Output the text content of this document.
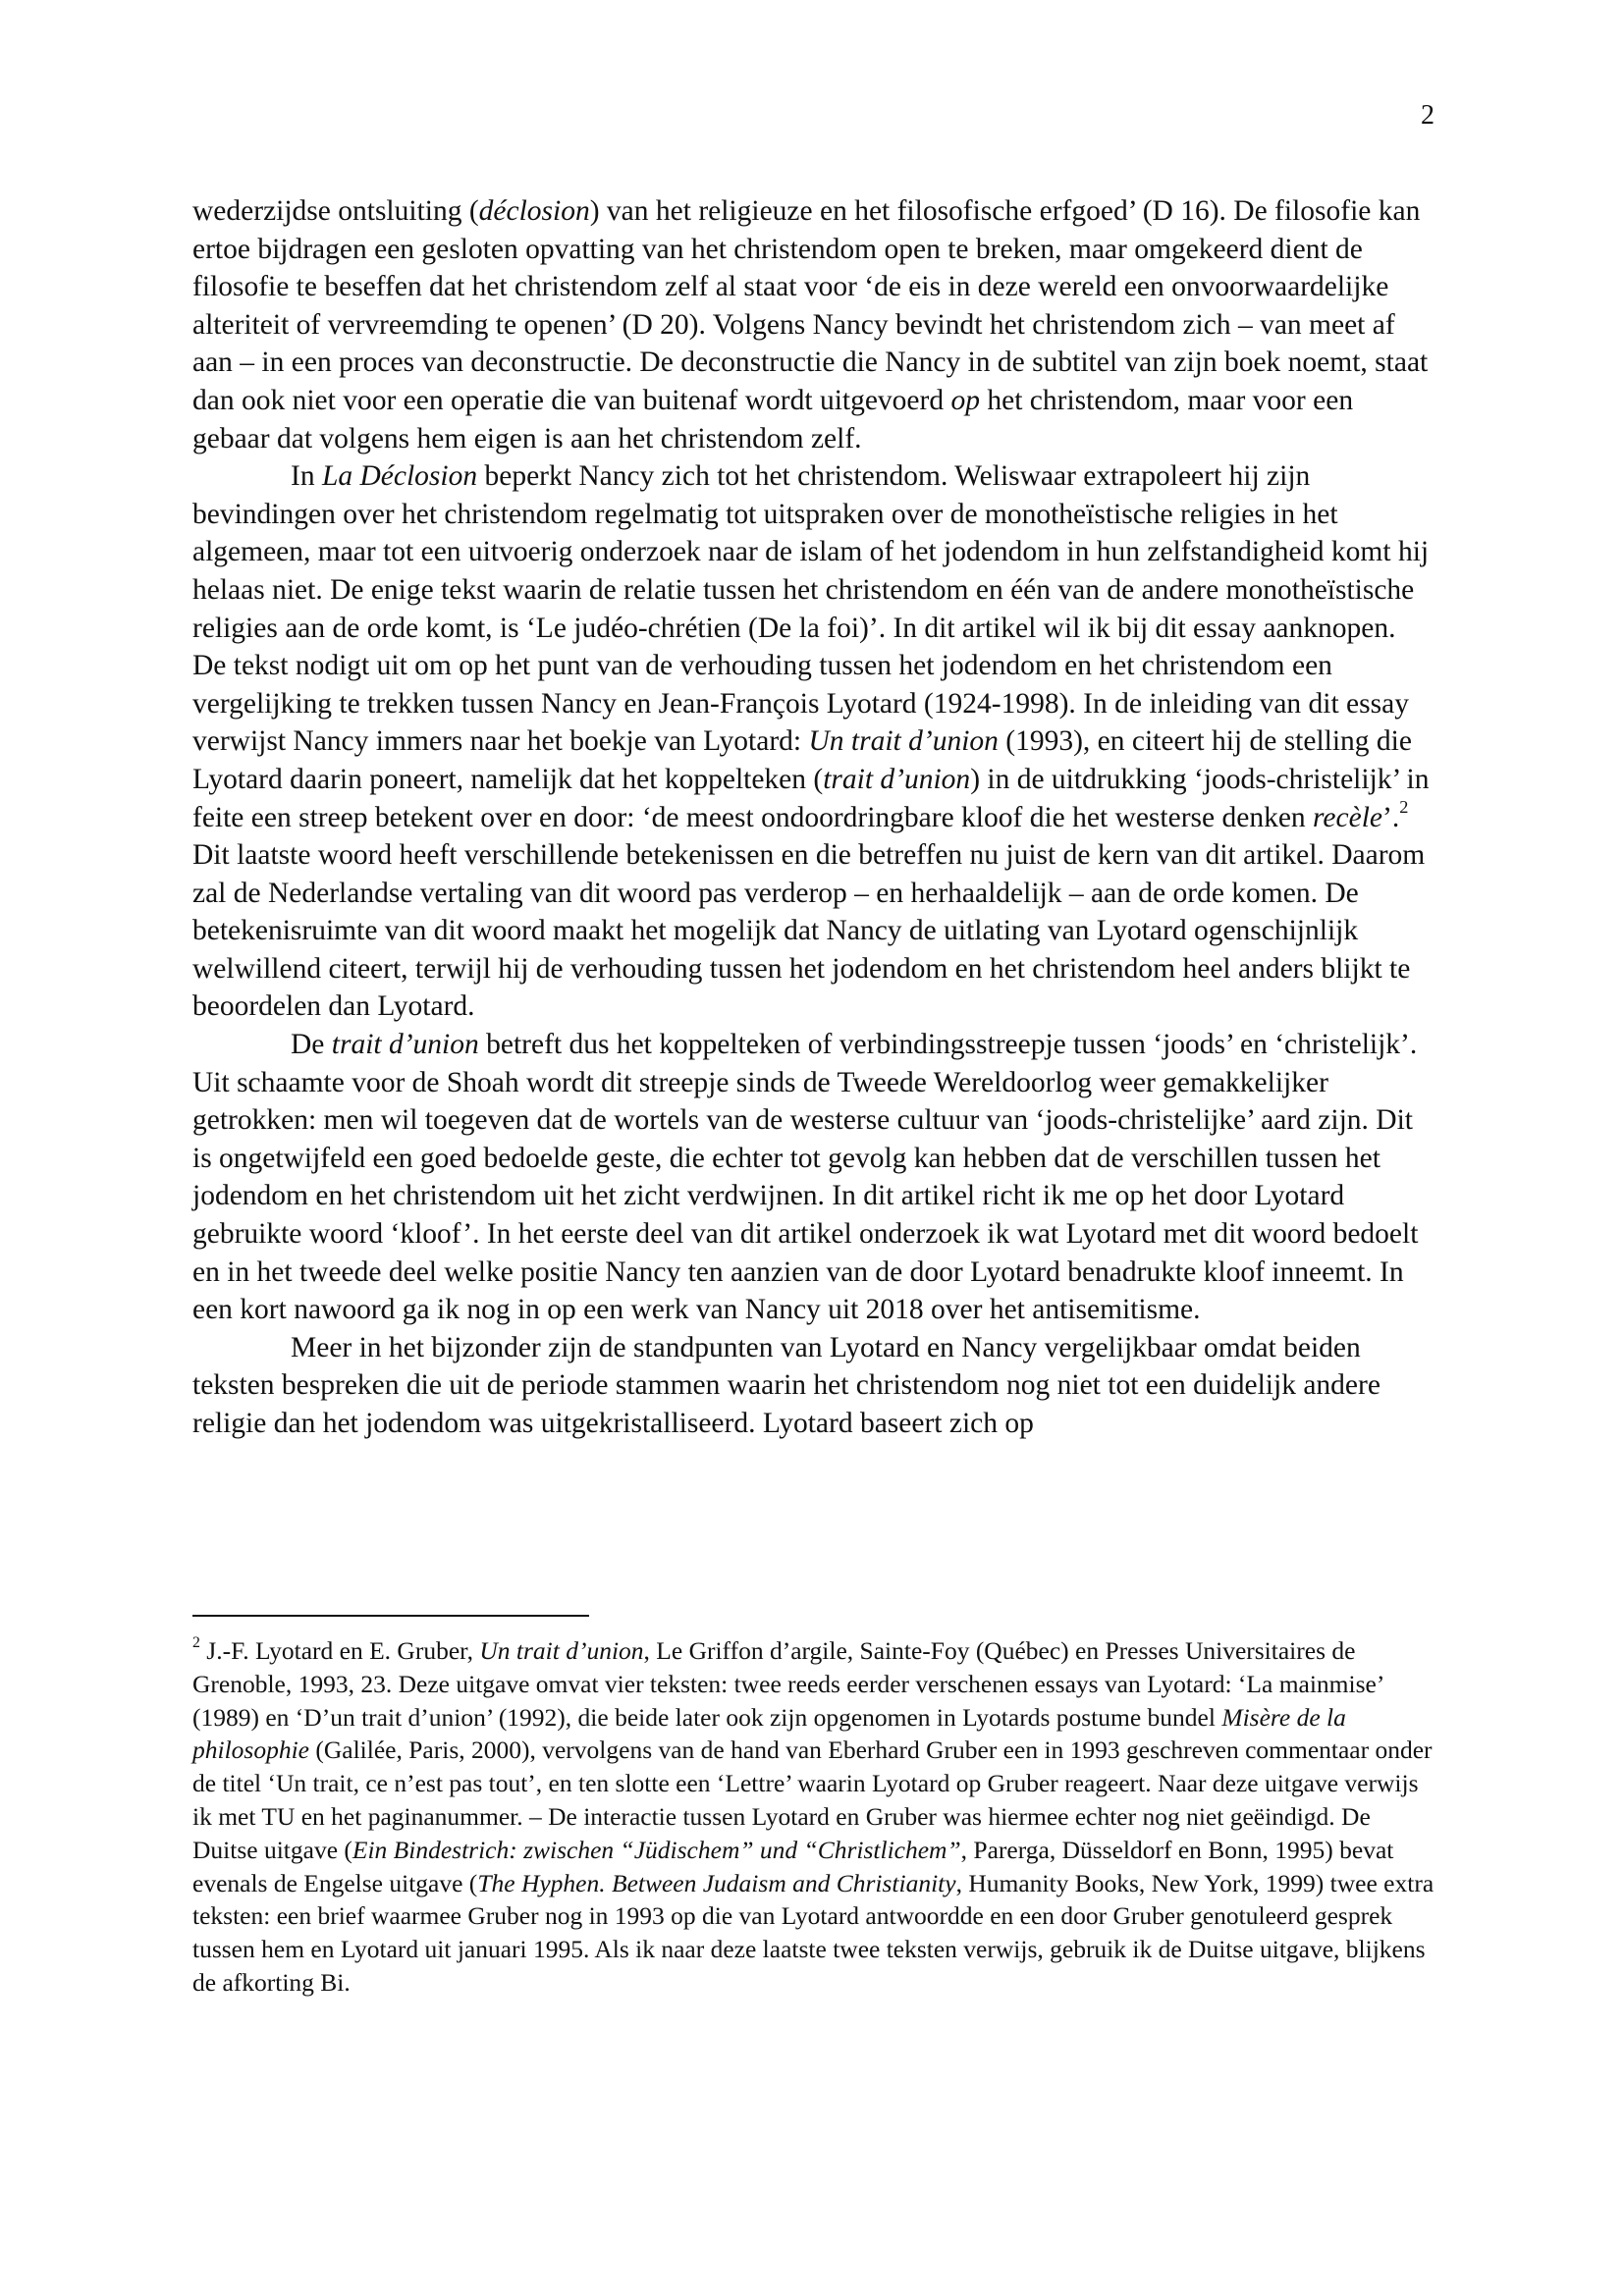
2

wederzijdse ontsluiting (déclosion) van het religieuze en het filosofische erfgoed’ (D 16). De filosofie kan ertoe bijdragen een gesloten opvatting van het christendom open te breken, maar omgekeerd dient de filosofie te beseffen dat het christendom zelf al staat voor ‘de eis in deze wereld een onvoorwaardelijke alteriteit of vervreemding te openen’ (D 20). Volgens Nancy bevindt het christendom zich – van meet af aan – in een proces van deconstructie. De deconstructie die Nancy in de subtitel van zijn boek noemt, staat dan ook niet voor een operatie die van buitenaf wordt uitgevoerd op het christendom, maar voor een gebaar dat volgens hem eigen is aan het christendom zelf.

In La Déclosion beperkt Nancy zich tot het christendom. Weliswaar extrapoleert hij zijn bevindingen over het christendom regelmatig tot uitspraken over de monotheïstische religies in het algemeen, maar tot een uitvoerig onderzoek naar de islam of het jodendom in hun zelfstandigheid komt hij helaas niet. De enige tekst waarin de relatie tussen het christendom en één van de andere monotheïstische religies aan de orde komt, is ‘Le judéo-chrétien (De la foi)’. In dit artikel wil ik bij dit essay aanknopen. De tekst nodigt uit om op het punt van de verhouding tussen het jodendom en het christendom een vergelijking te trekken tussen Nancy en Jean-François Lyotard (1924-1998). In de inleiding van dit essay verwijst Nancy immers naar het boekje van Lyotard: Un trait d’union (1993), en citeert hij de stelling die Lyotard daarin poneert, namelijk dat het koppelteken (trait d’union) in de uitdrukking ‘joods-christelijk’ in feite een streep betekent over en door: ‘de meest ondoordringbare kloof die het westerse denken recèle’.$^2$ Dit laatste woord heeft verschillende betekenissen en die betreffen nu juist de kern van dit artikel. Daarom zal de Nederlandse vertaling van dit woord pas verderop – en herhaaldelijk – aan de orde komen. De betekenisruimte van dit woord maakt het mogelijk dat Nancy de uitlating van Lyotard ogenschijnlijk welwillend citeert, terwijl hij de verhouding tussen het jodendom en het christendom heel anders blijkt te beoordelen dan Lyotard.

De trait d’union betreft dus het koppelteken of verbindingsstreepje tussen ‘joods’ en ‘christelijk’. Uit schaamte voor de Shoah wordt dit streepje sinds de Tweede Wereldoorlog weer gemakkelijker getrokken: men wil toegeven dat de wortels van de westerse cultuur van ‘joods-christelijke’ aard zijn. Dit is ongetwijfeld een goed bedoelde geste, die echter tot gevolg kan hebben dat de verschillen tussen het jodendom en het christendom uit het zicht verdwijnen. In dit artikel richt ik me op het door Lyotard gebruikte woord ‘kloof’. In het eerste deel van dit artikel onderzoek ik wat Lyotard met dit woord bedoelt en in het tweede deel welke positie Nancy ten aanzien van de door Lyotard benadrukte kloof inneemt. In een kort nawoord ga ik nog in op een werk van Nancy uit 2018 over het antisemitisme.

Meer in het bijzonder zijn de standpunten van Lyotard en Nancy vergelijkbaar omdat beiden teksten bespreken die uit de periode stammen waarin het christendom nog niet tot een duidelijk andere religie dan het jodendom was uitgekristalliseerd. Lyotard baseert zich op

$^2$ J.-F. Lyotard en E. Gruber, Un trait d’union, Le Griffon d’argile, Sainte-Foy (Québec) en Presses Universitaires de Grenoble, 1993, 23. Deze uitgave omvat vier teksten: twee reeds eerder verschenen essays van Lyotard: ‘La mainmise’ (1989) en ‘D’un trait d’union’ (1992), die beide later ook zijn opgenomen in Lyotards postume bundel Misère de la philosophie (Galilée, Paris, 2000), vervolgens van de hand van Eberhard Gruber een in 1993 geschreven commentaar onder de titel ‘Un trait, ce n’est pas tout’, en ten slotte een ‘Lettre’ waarin Lyotard op Gruber reageert. Naar deze uitgave verwijs ik met TU en het paginanummer. – De interactie tussen Lyotard en Gruber was hiermee echter nog niet geëindigd. De Duitse uitgave (Ein Bindestrich: zwischen “Jüdischem” und “Christlichem”, Parerga, Düsseldorf en Bonn, 1995) bevat evenals de Engelse uitgave (The Hyphen. Between Judaism and Christianity, Humanity Books, New York, 1999) twee extra teksten: een brief waarmee Gruber nog in 1993 op die van Lyotard antwoordde en een door Gruber genotuleerd gesprek tussen hem en Lyotard uit januari 1995. Als ik naar deze laatste twee teksten verwijs, gebruik ik de Duitse uitgave, blijkens de afkorting Bi.
